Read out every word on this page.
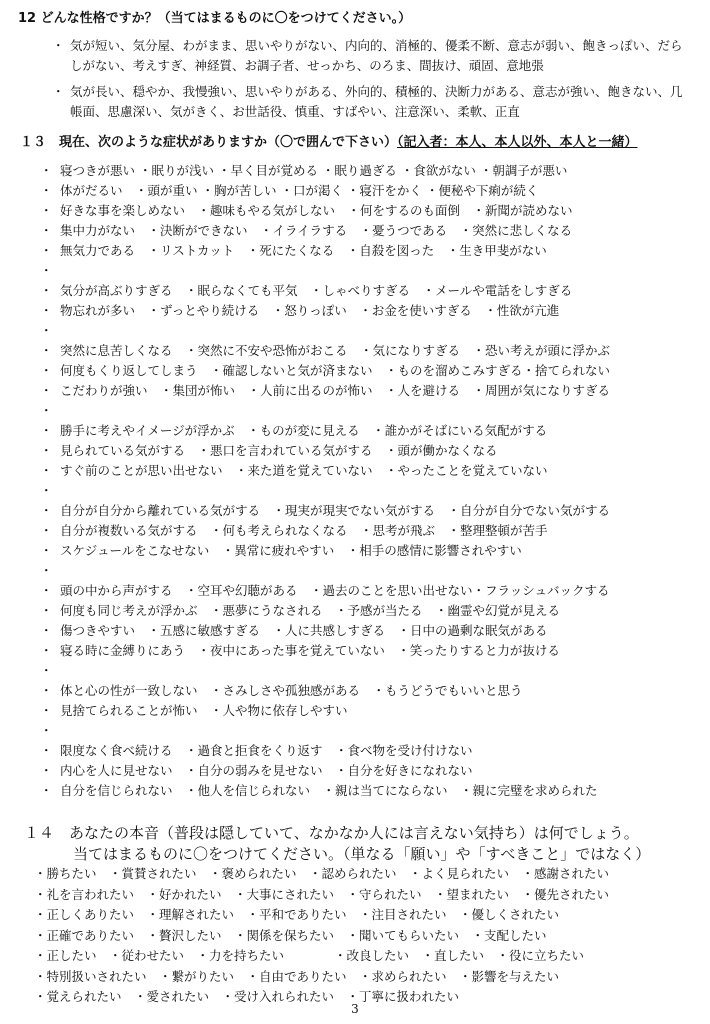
12 どんな性格ですか？（当てはまるものに〇をつけてください。）
・ 気が短い、気分屋、わがまま、思いやりがない、内向的、消極的、優柔不断、意志が弱い、飽きっぽい、だらしがない、考えすぎ、神経質、お調子者、せっかち、のろま、間抜け、頑固、意地張
・ 気が長い、穏やか、我慢強い、思いやりがある、外向的、積極的、決断力がある、意志が強い、飽きない、几帳面、思慮深い、気がきく、お世話役、慎重、すばやい、注意深い、柔軟、正直
１３　現在、次のような症状がありますか（〇で囲んで下さい）（記入者：本人、本人以外、本人と一緒）
・ 寝つきが悪い ・眠りが浅い ・早く目が覚める ・眠り過ぎる ・食欲がない ・朝調子が悪い
・ 体がだるい　・頭が重い ・胸が苦しい ・口が渇く ・寝汗をかく ・便秘や下痢が続く
・ 好きな事を楽しめない　・趣味もやる気がしない　・何をするのも面倒　・新聞が読めない
・ 集中力がない　・決断ができない　・イライラする　・憂うつである　・突然に悲しくなる
・ 無気力である　・リストカット　・死にたくなる　・自殺を図った　・生き甲斐がない
・
・ 気分が高ぶりすぎる　・眠らなくても平気　・しゃべりすぎる　・メールや電話をしすぎる
・ 物忘れが多い　・ずっとやり続ける　・怒りっぽい　・お金を使いすぎる　・性欲が亢進
・
・ 突然に息苦しくなる　・突然に不安や恐怖がおこる　・気になりすぎる　・恐い考えが頭に浮かぶ
・ 何度もくり返してしまう　・確認しないと気が済まない　・ものを溜めこみすぎる・捨てられない
・ こだわりが強い　・集団が怖い　・人前に出るのが怖い　・人を避ける　・周囲が気になりすぎる
・
・ 勝手に考えやイメージが浮かぶ　・ものが変に見える　・誰かがそばにいる気配がする
・ 見られている気がする　・悪口を言われている気がする　・頭が働かなくなる
・ すぐ前のことが思い出せない　・来た道を覚えていない　・やったことを覚えていない
・
・ 自分が自分から離れている気がする　・現実が現実でない気がする　・自分が自分でない気がする
・ 自分が複数いる気がする　・何も考えられなくなる　・思考が飛ぶ　・整理整頓が苦手
・ スケジュールをこなせない　・異常に疲れやすい　・相手の感情に影響されやすい
・
・ 頭の中から声がする　・空耳や幻聴がある　・過去のことを思い出せない・フラッシュバックする
・ 何度も同じ考えが浮かぶ　・悪夢にうなされる　・予感が当たる　・幽霊や幻覚が見える
・ 傷つきやすい　・五感に敏感すぎる　・人に共感しすぎる　・日中の過剰な眠気がある
・ 寝る時に金縛りにあう　・夜中にあった事を覚えていない　・笑ったりすると力が抜ける
・
・ 体と心の性が一致しない　・さみしさや孤独感がある　・もうどうでもいいと思う
・ 見捨てられることが怖い　・人や物に依存しやすい
・
・ 限度なく食べ続ける　・過食と拒食をくり返す　・食べ物を受け付けない
・ 内心を人に見せない　・自分の弱みを見せない　・自分を好きになれない
・ 自分を信じられない　・他人を信じられない　・親は当てにならない　・親に完璧を求められた
１４　あなたの本音（普段は隠していて、なかなか人には言えない気持ち）は何でしょう。
当てはまるものに〇をつけてください。（単なる「願い」や「すべきこと」ではなく）
・勝ちたい　・賞賛されたい　・褒められたい　・認められたい　・よく見られたい　・感謝されたい
・礼を言われたい　・好かれたい　・大事にされたい　・守られたい　・望まれたい　・優先されたい
・正しくありたい　・理解されたい　・平和でありたい　・注目されたい　・優しくされたい
・正確でありたい　・贅沢したい　・関係を保ちたい　・聞いてもらいたい　・支配したい
・正したい　・従わせたい　・力を持ちたい　　　　・改良したい　・直したい　・役に立ちたい
・特別扱いされたい　・繋がりたい　・自由でありたい　・求められたい　・影響を与えたい
・覚えられたい　・愛されたい　・受け入れられたい　・丁寧に扱われたい
3
